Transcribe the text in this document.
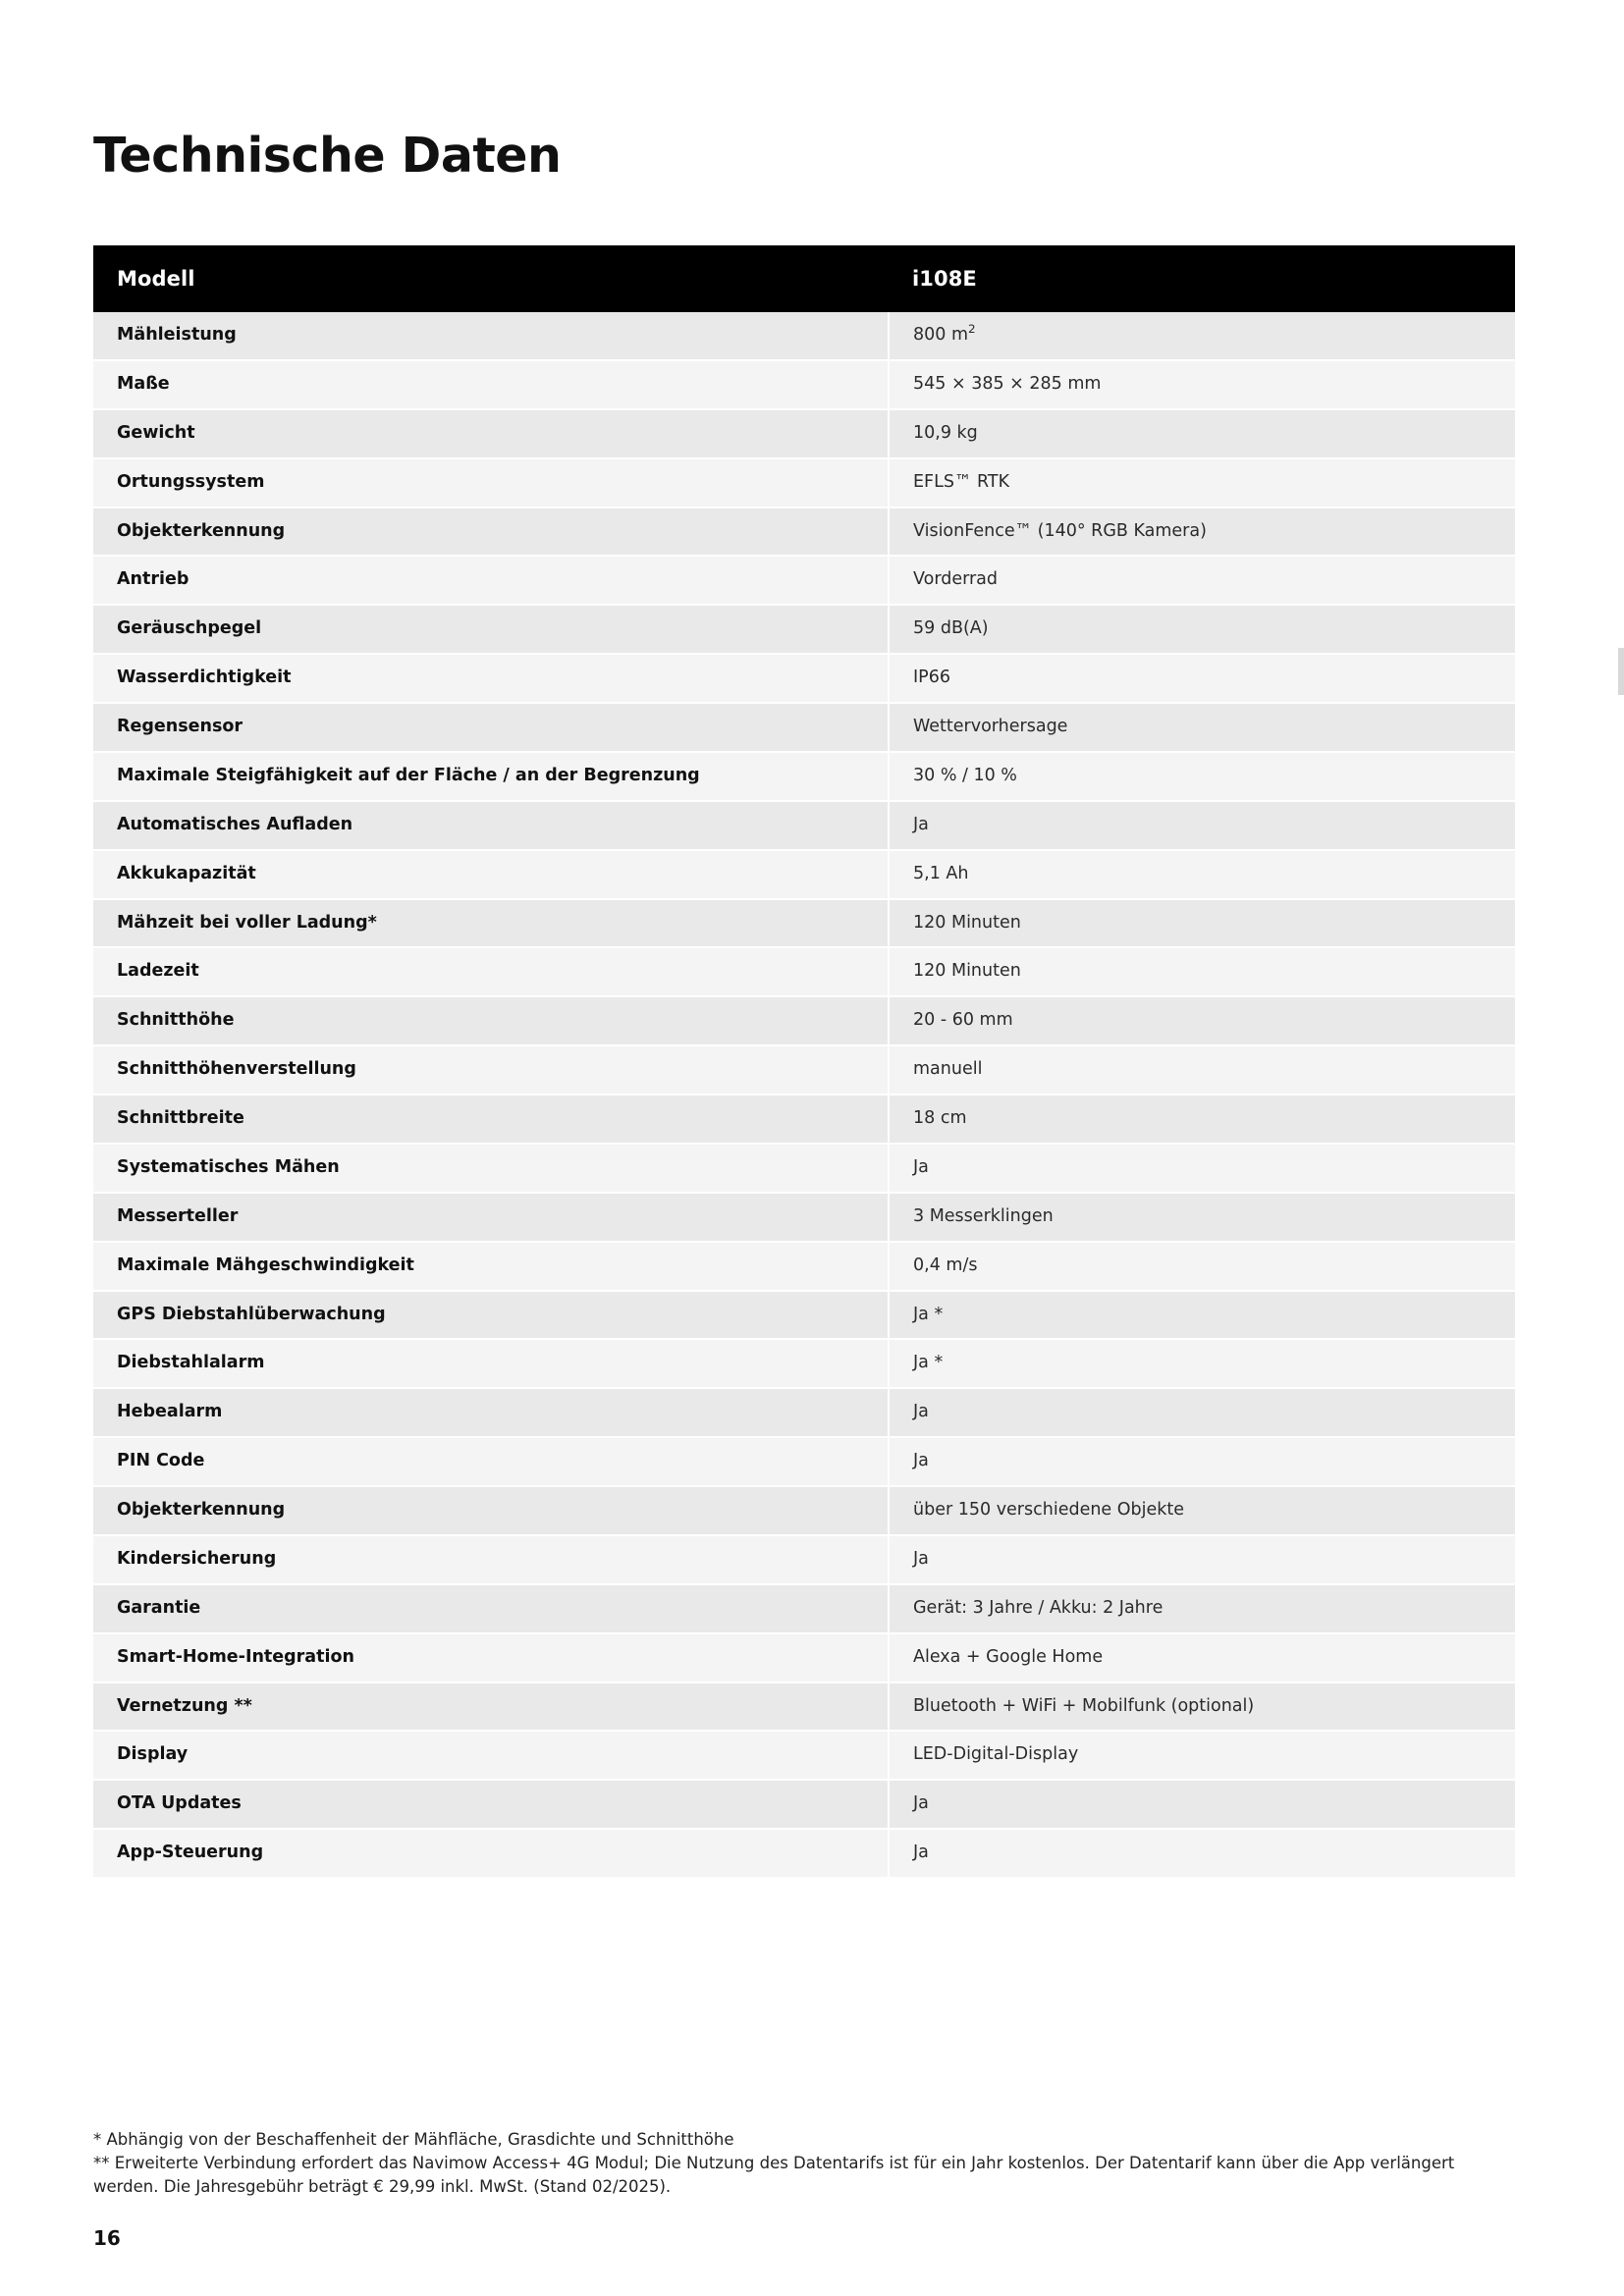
Technische Daten
Modell	i108E
Mähleistung	800 $m^2$
Maße	545 × 385 × 285 mm
Gewicht	10,9 kg
Ortungssystem	EFLS™ RTK
Objekterkennung	VisionFence™ (140° RGB Kamera)
Antrieb	Vorderrad
Geräuschpegel	59 dB(A)
Wasserdichtigkeit	IP66
Regensensor	Wettervorhersage
Maximale Steigfähigkeit auf der Fläche / an der Begrenzung	30 % / 10 %
Automatisches Aufladen	Ja
Akkukapazität	5,1 Ah
Mähzeit bei voller Ladung*	120 Minuten
Ladezeit	120 Minuten
Schnitthöhe	20 - 60 mm
Schnitthöhenverstellung	manuell
Schnittbreite	18 cm
Systematisches Mähen	Ja
Messerteller	3 Messerklingen
Maximale Mähgeschwindigkeit	0,4 m/s
GPS Diebstahlüberwachung	Ja *
Diebstahlalarm	Ja *
Hebealarm	Ja
PIN Code	Ja
Objekterkennung	über 150 verschiedene Objekte
Kindersicherung	Ja
Garantie	Gerät: 3 Jahre / Akku: 2 Jahre
Smart-Home-Integration	Alexa + Google Home
Vernetzung **	Bluetooth + WiFi + Mobilfunk (optional)
Display	LED-Digital-Display
OTA Updates	Ja
App-Steuerung	Ja
* Abhängig von der Beschaffenheit der Mähfläche, Grasdichte und Schnitthöhe
** Erweiterte Verbindung erfordert das Navimow Access+ 4G Modul; Die Nutzung des Datentarifs ist für ein Jahr kostenlos. Der Datentarif kann über die App verlängert werden. Die Jahresgebühr beträgt € 29,99 inkl. MwSt. (Stand 02/2025).
16
